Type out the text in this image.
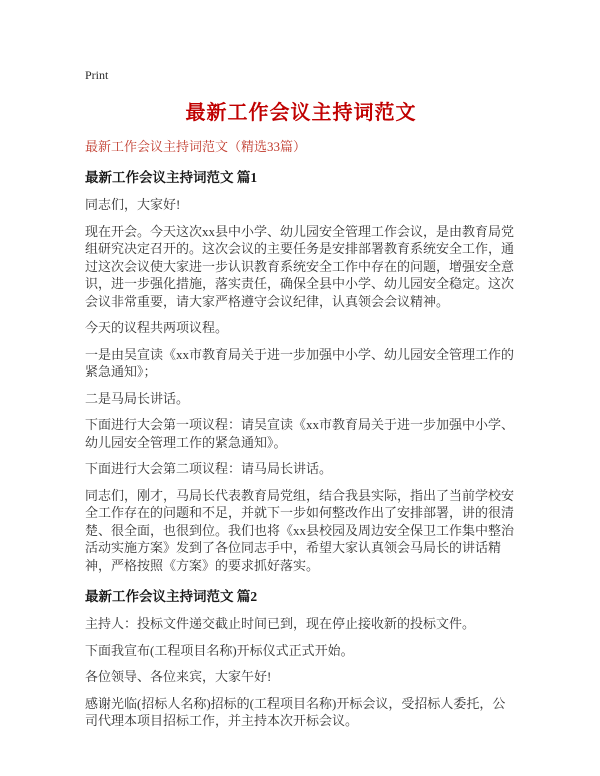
Print
最新工作会议主持词范文

最新工作会议主持词范文（精选33篇）

最新工作会议主持词范文 篇1

同志们，大家好!

现在开会。今天这次xx县中小学、幼儿园安全管理工作会议，是由教育局党组研究决定召开的。这次会议的主要任务是安排部署教育系统安全工作，通过这次会议使大家进一步认识教育系统安全工作中存在的问题，增强安全意识，进一步强化措施，落实责任，确保全县中小学、幼儿园安全稳定。这次会议非常重要，请大家严格遵守会议纪律，认真领会会议精神。

今天的议程共两项议程。

一是由吴宣读《xx市教育局关于进一步加强中小学、幼儿园安全管理工作的紧急通知》；

二是马局长讲话。

下面进行大会第一项议程：请吴宣读《xx市教育局关于进一步加强中小学、幼儿园安全管理工作的紧急通知》。

下面进行大会第二项议程：请马局长讲话。

同志们，刚才，马局长代表教育局党组，结合我县实际，指出了当前学校安全工作存在的问题和不足，并就下一步如何整改作出了安排部署，讲的很清楚、很全面，也很到位。我们也将《xx县校园及周边安全保卫工作集中整治活动实施方案》发到了各位同志手中，希望大家认真领会马局长的讲话精神，严格按照《方案》的要求抓好落实。

最新工作会议主持词范文 篇2

主持人：投标文件递交截止时间已到，现在停止接收新的投标文件。

下面我宣布(工程项目名称)开标仪式正式开始。

各位领导、各位来宾，大家午好!

感谢光临(招标人名称)招标的(工程项目名称)开标会议，受招标人委托，公司代理本项目招标工作，并主持本次开标会议。
